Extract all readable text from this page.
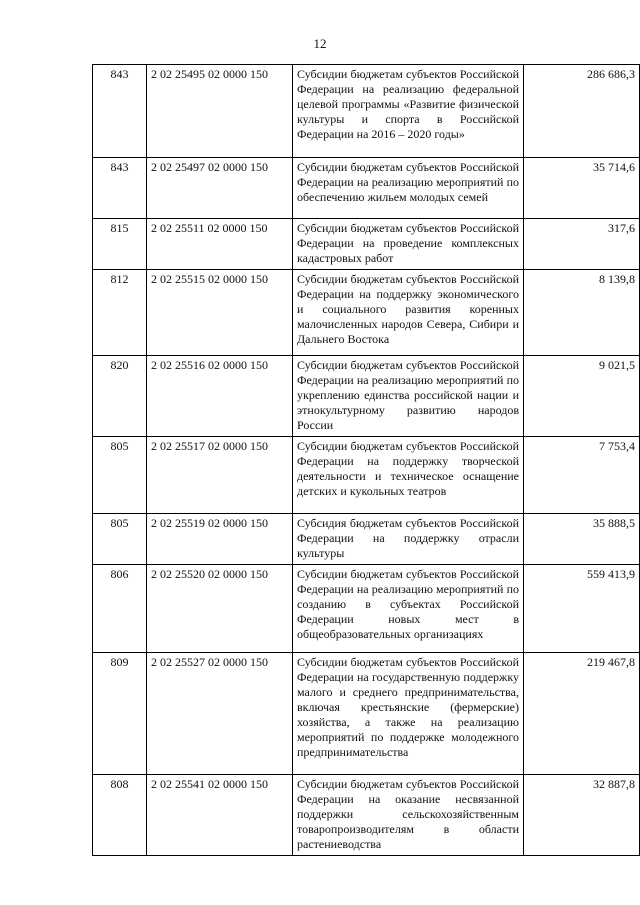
12
843	2 02 25495 02 0000 150	Субсидии бюджетам субъектов Российской Федерации на реализацию федеральной целевой программы «Развитие физической культуры и спорта в Российской Федерации на 2016 – 2020 годы»	286 686,3
843	2 02 25497 02 0000 150	Субсидии бюджетам субъектов Российской Федерации на реализацию мероприятий по обеспечению жильем молодых семей	35 714,6
815	2 02 25511 02 0000 150	Субсидии бюджетам субъектов Российской Федерации на проведение комплексных кадастровых работ	317,6
812	2 02 25515 02 0000 150	Субсидии бюджетам субъектов Российской Федерации на поддержку экономического и социального развития коренных малочисленных народов Севера, Сибири и Дальнего Востока	8 139,8
820	2 02 25516 02 0000 150	Субсидии бюджетам субъектов Российской Федерации на реализацию мероприятий по укреплению единства российской нации и этнокультурному развитию народов России	9 021,5
805	2 02 25517 02 0000 150	Субсидии бюджетам субъектов Российской Федерации на поддержку творческой деятельности и техническое оснащение детских и кукольных театров	7 753,4
805	2 02 25519 02 0000 150	Субсидия бюджетам субъектов Российской Федерации на поддержку отрасли культуры	35 888,5
806	2 02 25520 02 0000 150	Субсидии бюджетам субъектов Российской Федерации на реализацию мероприятий по созданию в субъектах Российской Федерации новых мест в общеобразовательных организациях	559 413,9
809	2 02 25527 02 0000 150	Субсидии бюджетам субъектов Российской Федерации на государственную поддержку малого и среднего предпринимательства, включая крестьянские (фермерские) хозяйства, а также на реализацию мероприятий по поддержке молодежного предпринимательства	219 467,8
808	2 02 25541 02 0000 150	Субсидии бюджетам субъектов Российской Федерации на оказание несвязанной поддержки сельскохозяйственным товаропроизводителям в области растениеводства	32 887,8
